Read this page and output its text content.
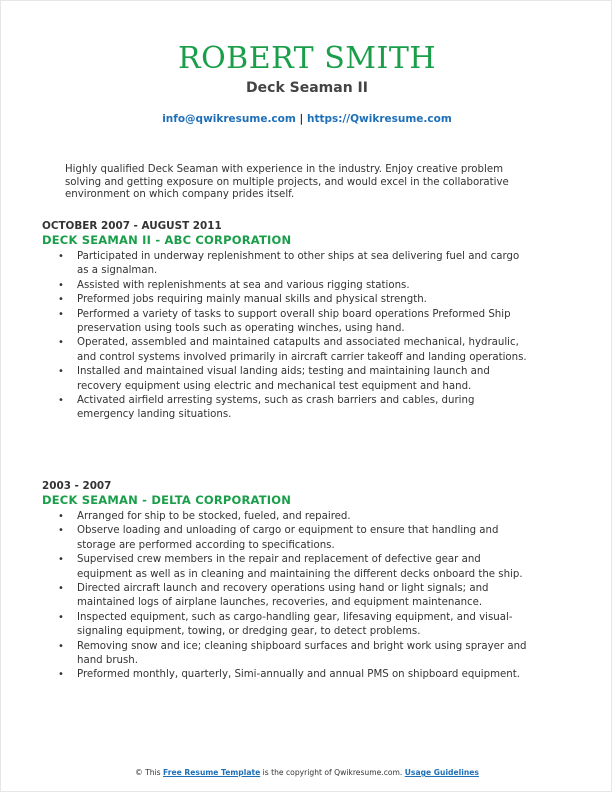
ROBERT SMITH
Deck Seaman II
info@qwikresume.com | https://Qwikresume.com
Highly qualified Deck Seaman with experience in the industry. Enjoy creative problem solving and getting exposure on multiple projects, and would excel in the collaborative environment on which company prides itself.
OCTOBER 2007 - AUGUST 2011
DECK SEAMAN II - ABC CORPORATION
• Participated in underway replenishment to other ships at sea delivering fuel and cargo as a signalman.
• Assisted with replenishments at sea and various rigging stations.
• Preformed jobs requiring mainly manual skills and physical strength.
• Performed a variety of tasks to support overall ship board operations Preformed Ship preservation using tools such as operating winches, using hand.
• Operated, assembled and maintained catapults and associated mechanical, hydraulic, and control systems involved primarily in aircraft carrier takeoff and landing operations.
• Installed and maintained visual landing aids; testing and maintaining launch and recovery equipment using electric and mechanical test equipment and hand.
• Activated airfield arresting systems, such as crash barriers and cables, during emergency landing situations.
2003 - 2007
DECK SEAMAN - DELTA CORPORATION
• Arranged for ship to be stocked, fueled, and repaired.
• Observe loading and unloading of cargo or equipment to ensure that handling and storage are performed according to specifications.
• Supervised crew members in the repair and replacement of defective gear and equipment as well as in cleaning and maintaining the different decks onboard the ship.
• Directed aircraft launch and recovery operations using hand or light signals; and maintained logs of airplane launches, recoveries, and equipment maintenance.
• Inspected equipment, such as cargo-handling gear, lifesaving equipment, and visual-signaling equipment, towing, or dredging gear, to detect problems.
• Removing snow and ice; cleaning shipboard surfaces and bright work using sprayer and hand brush.
• Preformed monthly, quarterly, Simi-annually and annual PMS on shipboard equipment.
© This Free Resume Template is the copyright of Qwikresume.com. Usage Guidelines
